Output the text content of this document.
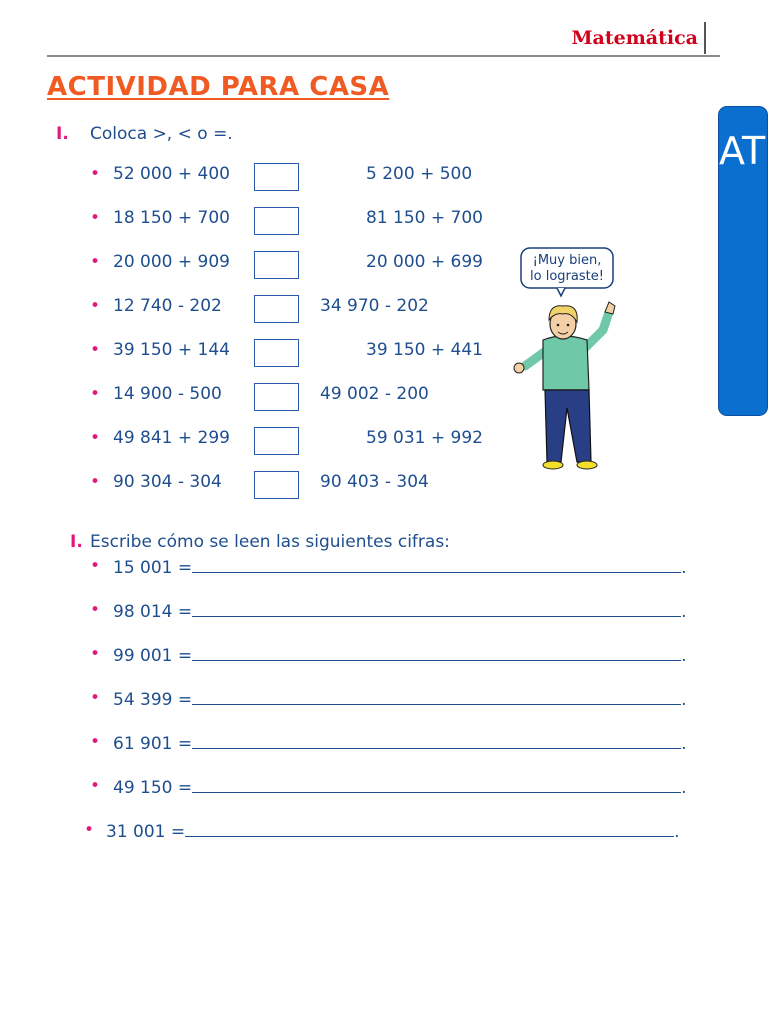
Matemática
ATI
ACTIVIDAD PARA CASA
I. Coloca >, < o =.
• 52 000 + 400	5 200 + 500
• 18 150 + 700	81 150 + 700
• 20 000 + 909	20 000 + 699
• 12 740 - 202	34 970 - 202
• 39 150 + 144	39 150 + 441
• 14 900 - 500	49 002 - 200
• 49 841 + 299	59 031 + 992
• 90 304 - 304	90 403 - 304
¡Muy bien,
lo lograste!
I. Escribe cómo se leen las siguientes cifras:
• 15 001 =	.
• 98 014 =	.
• 99 001 =	.
• 54 399 =	.
• 61 901 =	.
• 49 150 =	.
• 31 001 =	.
